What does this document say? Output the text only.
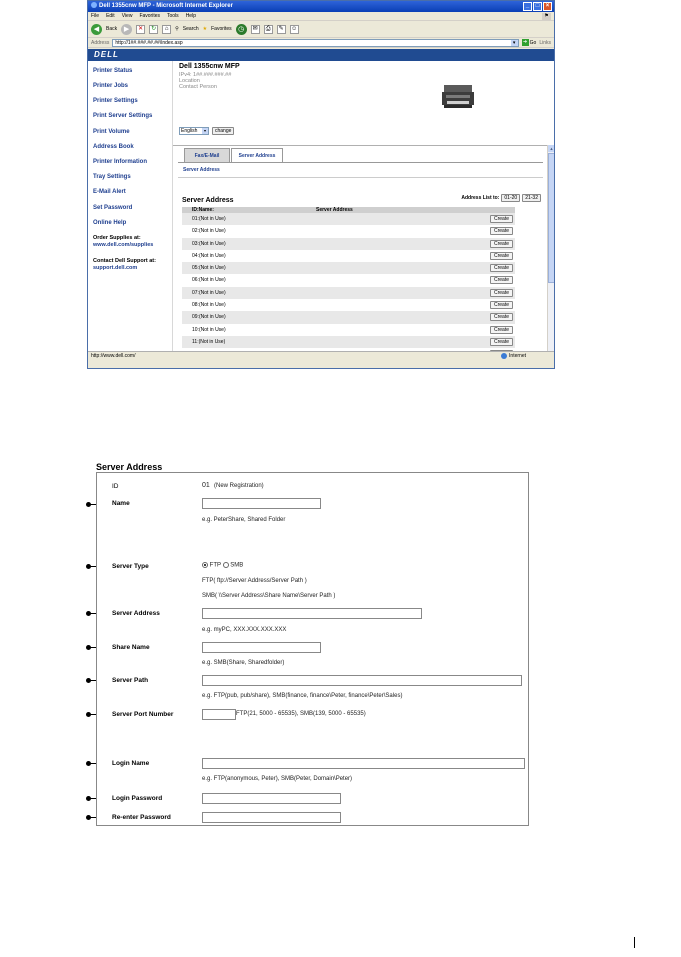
Dell 1355cnw MFP - Microsoft Internet Explorer	_	□	×
File Edit View Favorites Tools Help	⚑
◀	Back ▶	✕	↻	⌂	⚲ Search ★ Favorites ◷	✉	⎙	✎	☺
Address	http://1##.###.##.##/index.asp	▾	➜ Go Links
DELL
Printer Status
Printer Jobs
Printer Settings
Print Server Settings
Print Volume
Address Book
Printer Information
Tray Settings
E-Mail Alert
Set Password
Online Help
Order Supplies at:
www.dell.com/supplies
Contact Dell Support at:
support.dell.com
Dell 1355cnw MFP
IPv4: 1##.###.###.##
Location
Contact Person
English	▾	change
Fax/E-Mail	Server Address
Server Address
Server Address	Address List to:	01-20	21-32
ID:Name:	Server Address
01:(Not in Use)	Create
02:(Not in Use)	Create
03:(Not in Use)	Create
04:(Not in Use)	Create
05:(Not in Use)	Create
06:(Not in Use)	Create
07:(Not in Use)	Create
08:(Not in Use)	Create
09:(Not in Use)	Create
10:(Not in Use)	Create
11:(Not in Use)	Create
▲
http://www.dell.com/	Internet
Server Address
ID	01 (New Registration)
Name
e.g. PeterShare, Shared Folder
Server Type	FTP SMB
FTP( ftp://Server Address/Server Path )
SMB( \\Server Address\Share Name\Server Path )
Server Address
e.g. myPC, XXX.XXX.XXX.XXX
Share Name
e.g. SMB(Share, Sharedfolder)
Server Path
e.g. FTP(pub, pub/share), SMB(finance, finance\Peter, finance\Peter\Sales)
Server Port Number	FTP(21, 5000 - 65535), SMB(139, 5000 - 65535)
Login Name
e.g. FTP(anonymous, Peter), SMB(Peter, Domain\Peter)
Login Password
Re-enter Password
